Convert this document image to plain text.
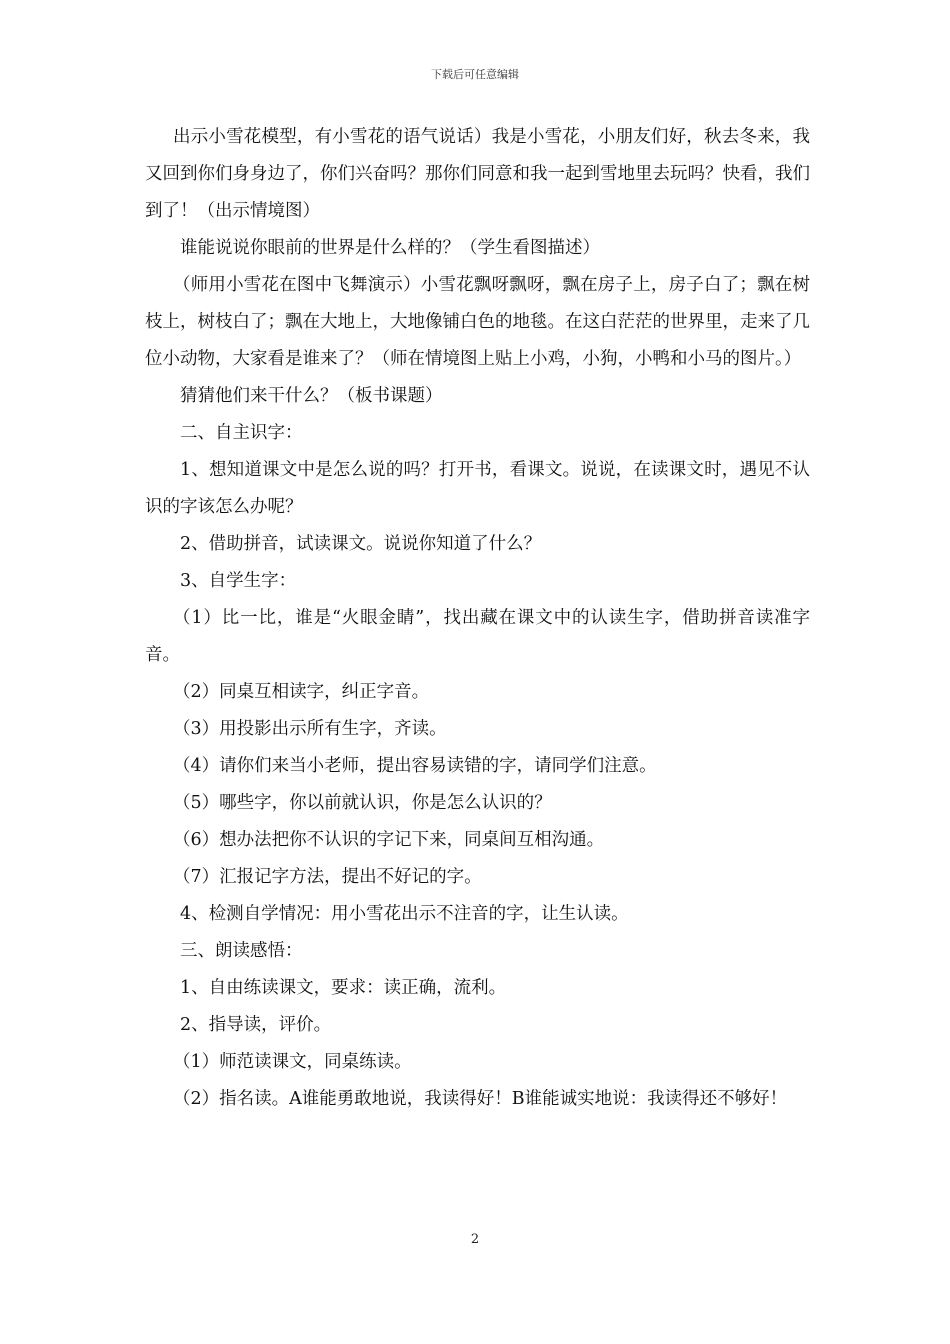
下载后可任意编辑

出示小雪花模型，有小雪花的语气说话）我是小雪花，小朋友们好，秋去冬来，我又回到你们身身边了，你们兴奋吗？那你们同意和我一起到雪地里去玩吗？快看，我们到了！（出示情境图）

谁能说说你眼前的世界是什么样的？（学生看图描述）

（师用小雪花在图中飞舞演示）小雪花飘呀飘呀，飘在房子上，房子白了；飘在树枝上，树枝白了；飘在大地上，大地像铺白色的地毯。在这白茫茫的世界里，走来了几位小动物，大家看是谁来了？（师在情境图上贴上小鸡，小狗，小鸭和小马的图片。）

猜猜他们来干什么？（板书课题）

二、自主识字：

1、想知道课文中是怎么说的吗？打开书，看课文。说说，在读课文时，遇见不认识的字该怎么办呢？

2、借助拼音，试读课文。说说你知道了什么？

3、自学生字：

（1）比一比，谁是“火眼金睛”，找出藏在课文中的认读生字，借助拼音读准字音。

（2）同桌互相读字，纠正字音。

（3）用投影出示所有生字，齐读。

（4）请你们来当小老师，提出容易读错的字，请同学们注意。

（5）哪些字，你以前就认识，你是怎么认识的？

（6）想办法把你不认识的字记下来，同桌间互相沟通。

（7）汇报记字方法，提出不好记的字。

4、检测自学情况：用小雪花出示不注音的字，让生认读。

三、朗读感悟：

1、自由练读课文，要求：读正确，流利。

2、指导读，评价。

（1）师范读课文，同桌练读。

（2）指名读。A谁能勇敢地说，我读得好！B谁能诚实地说：我读得还不够好！

2
